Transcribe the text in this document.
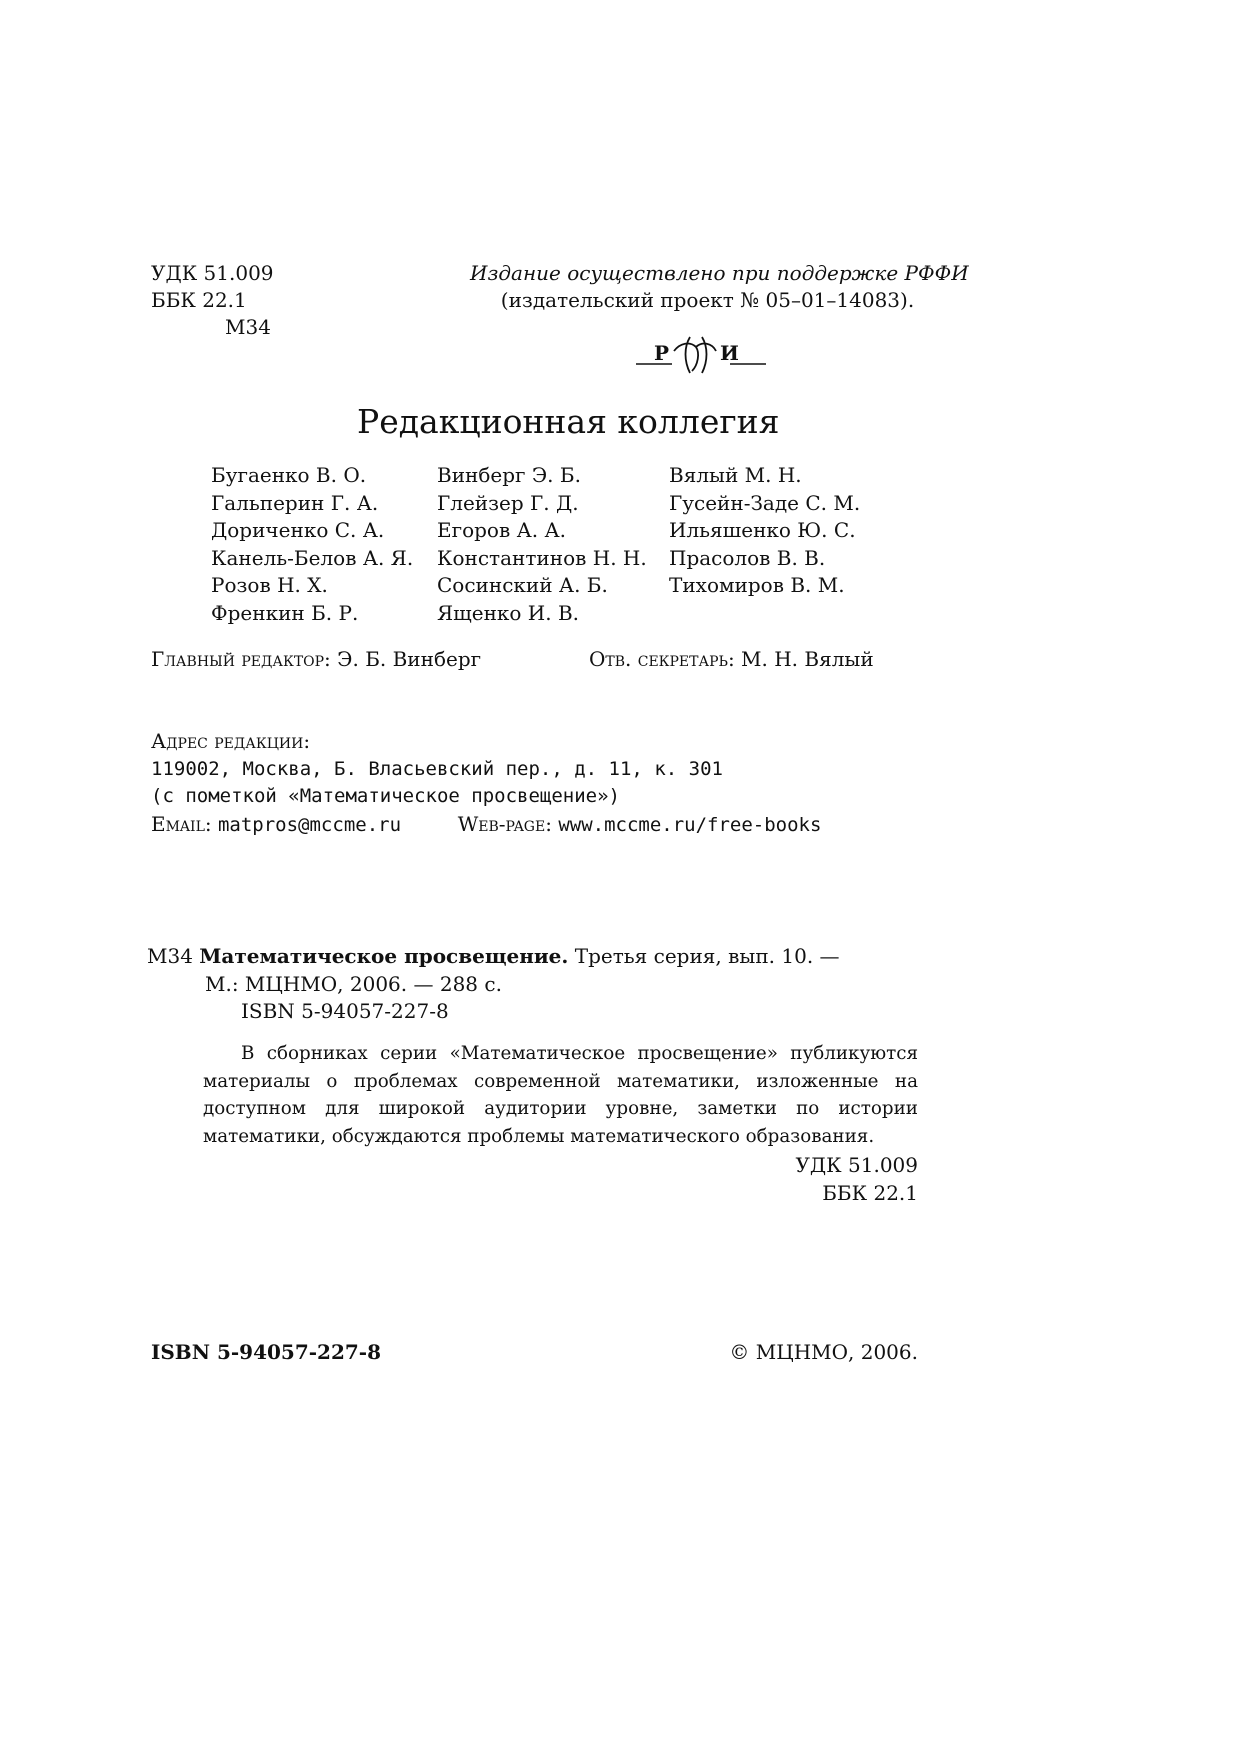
УДК 51.009
ББК 22.1
М34
Издание осуществлено при поддержке РФФИ
(издательский проект № 05–01–14083).
Р	И
Редакционная коллегия
Бугаенко В. О.	Винберг Э. Б.	Вялый М. Н.
Гальперин Г. А.	Глейзер Г. Д.	Гусейн-Заде С. М.
Дориченко С. А.	Егоров А. А.	Ильяшенко Ю. С.
Канель-Белов А. Я.	Константинов Н. Н.	Прасолов В. В.
Розов Н. Х.	Сосинский А. Б.	Тихомиров В. М.
Френкин Б. Р.	Ященко И. В.
Главный редактор: Э. Б. Винберг	Отв. секретарь: М. Н. Вялый
Адрес редакции:
119002, Москва, Б. Власьевский пер., д. 11, к. 301
(с пометкой «Математическое просвещение»)
Email: matpros@mccme.ru	Web-page: www.mccme.ru/free-books
М34 Математическое просвещение. Третья серия, вып. 10. —
М.: МЦНМО, 2006. — 288 с.
ISBN 5-94057-227-8
В сборниках серии «Математическое просвещение» публикуются материалы о проблемах современной математики, изложенные на доступном для широкой аудитории уровне, заметки по истории математики, обсуждаются проблемы математического образования.
УДК 51.009
ББК 22.1
ISBN 5-94057-227-8	© МЦНМО, 2006.
